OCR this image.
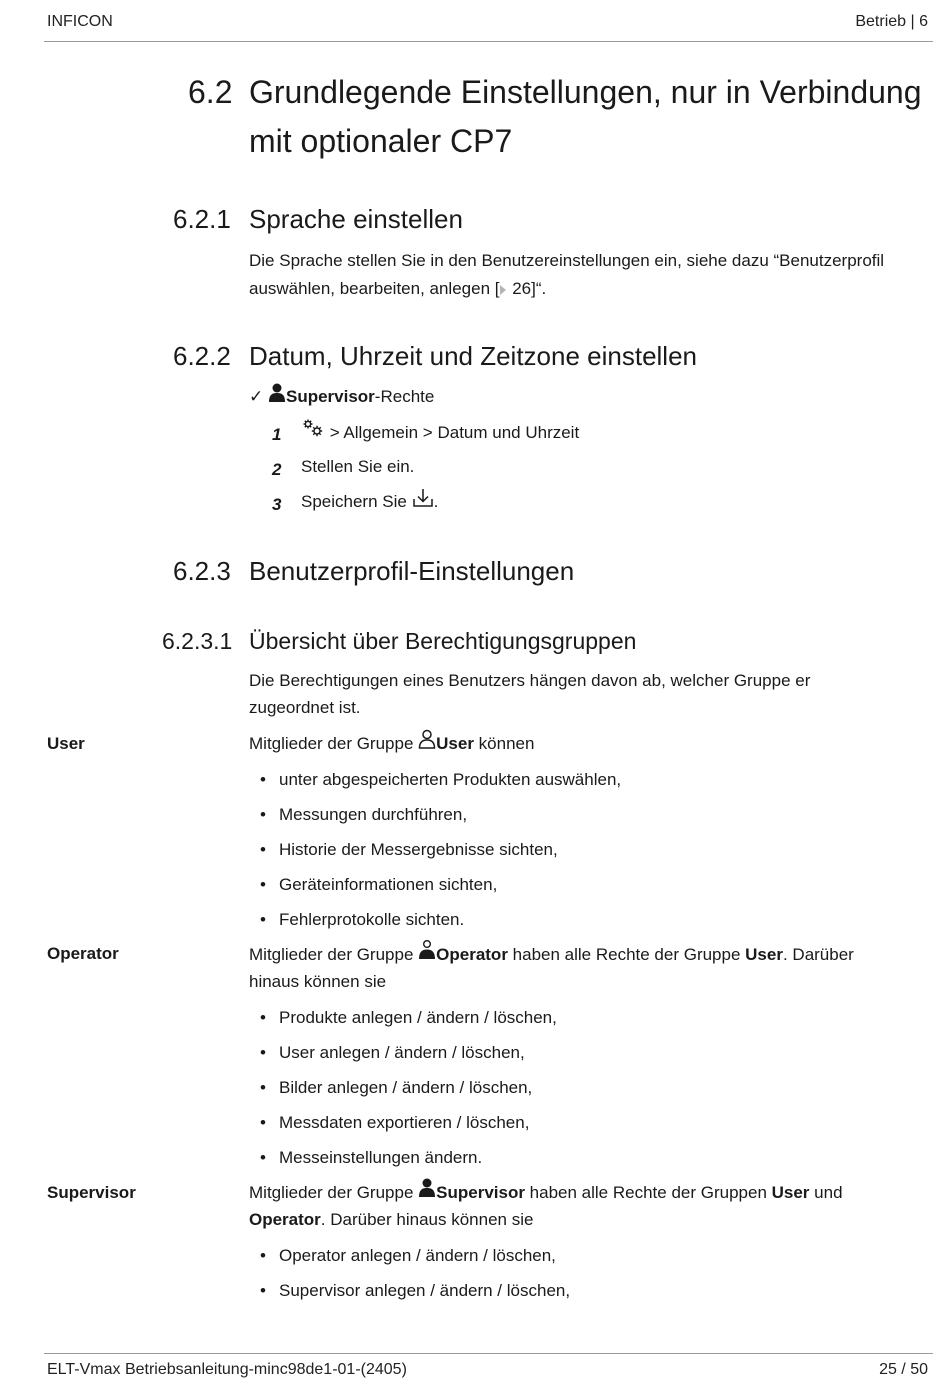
INFICON	Betrieb | 6
6.2 Grundlegende Einstellungen, nur in Verbindung
mit optionaler CP7
6.2.1 Sprache einstellen
Die Sprache stellen Sie in den Benutzereinstellungen ein, siehe dazu “Benutzerprofil
auswählen, bearbeiten, anlegen [ 26]“.
6.2.2 Datum, Uhrzeit und Zeitzone einstellen
✓ Supervisor-Rechte
1	> Allgemein > Datum und Uhrzeit
2 Stellen Sie ein.
3 Speichern Sie .
6.2.3 Benutzerprofil-Einstellungen
6.2.3.1 Übersicht über Berechtigungsgruppen
Die Berechtigungen eines Benutzers hängen davon ab, welcher Gruppe er
zugeordnet ist.
User	Mitglieder der Gruppe User können
• unter abgespeicherten Produkten auswählen,
• Messungen durchführen,
• Historie der Messergebnisse sichten,
• Geräteinformationen sichten,
• Fehlerprotokolle sichten.
Operator	Mitglieder der Gruppe Operator haben alle Rechte der Gruppe User. Darüber
hinaus können sie
• Produkte anlegen / ändern / löschen,
• User anlegen / ändern / löschen,
• Bilder anlegen / ändern / löschen,
• Messdaten exportieren / löschen,
• Messeinstellungen ändern.
Supervisor	Mitglieder der Gruppe Supervisor haben alle Rechte der Gruppen User und
Operator. Darüber hinaus können sie
• Operator anlegen / ändern / löschen,
• Supervisor anlegen / ändern / löschen,
ELT-Vmax Betriebsanleitung-minc98de1-01-(2405)	25 / 50
